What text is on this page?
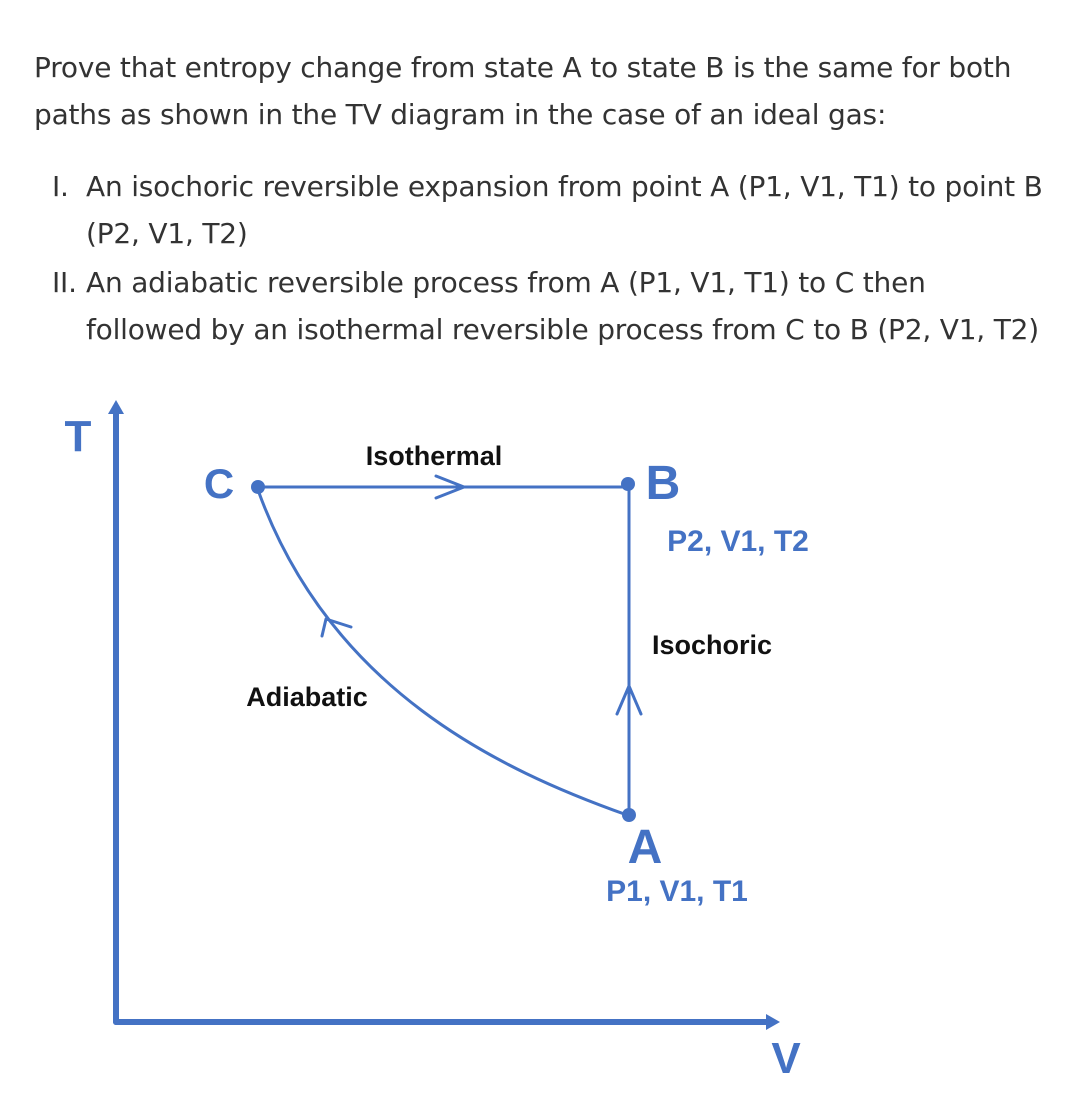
Prove that entropy change from state A to state B is the same for both
paths as shown in the TV diagram in the case of an ideal gas:
I. An isochoric reversible expansion from point A (P1, V1, T1) to point B
(P2, V1, T2)
II. An adiabatic reversible process from A (P1, V1, T1) to C then
followed by an isothermal reversible process from C to B (P2, V1, T2)
T
V
C	B
A
P2, V1, T2
P1, V1, T1
Isothermal
Isochoric
Adiabatic
